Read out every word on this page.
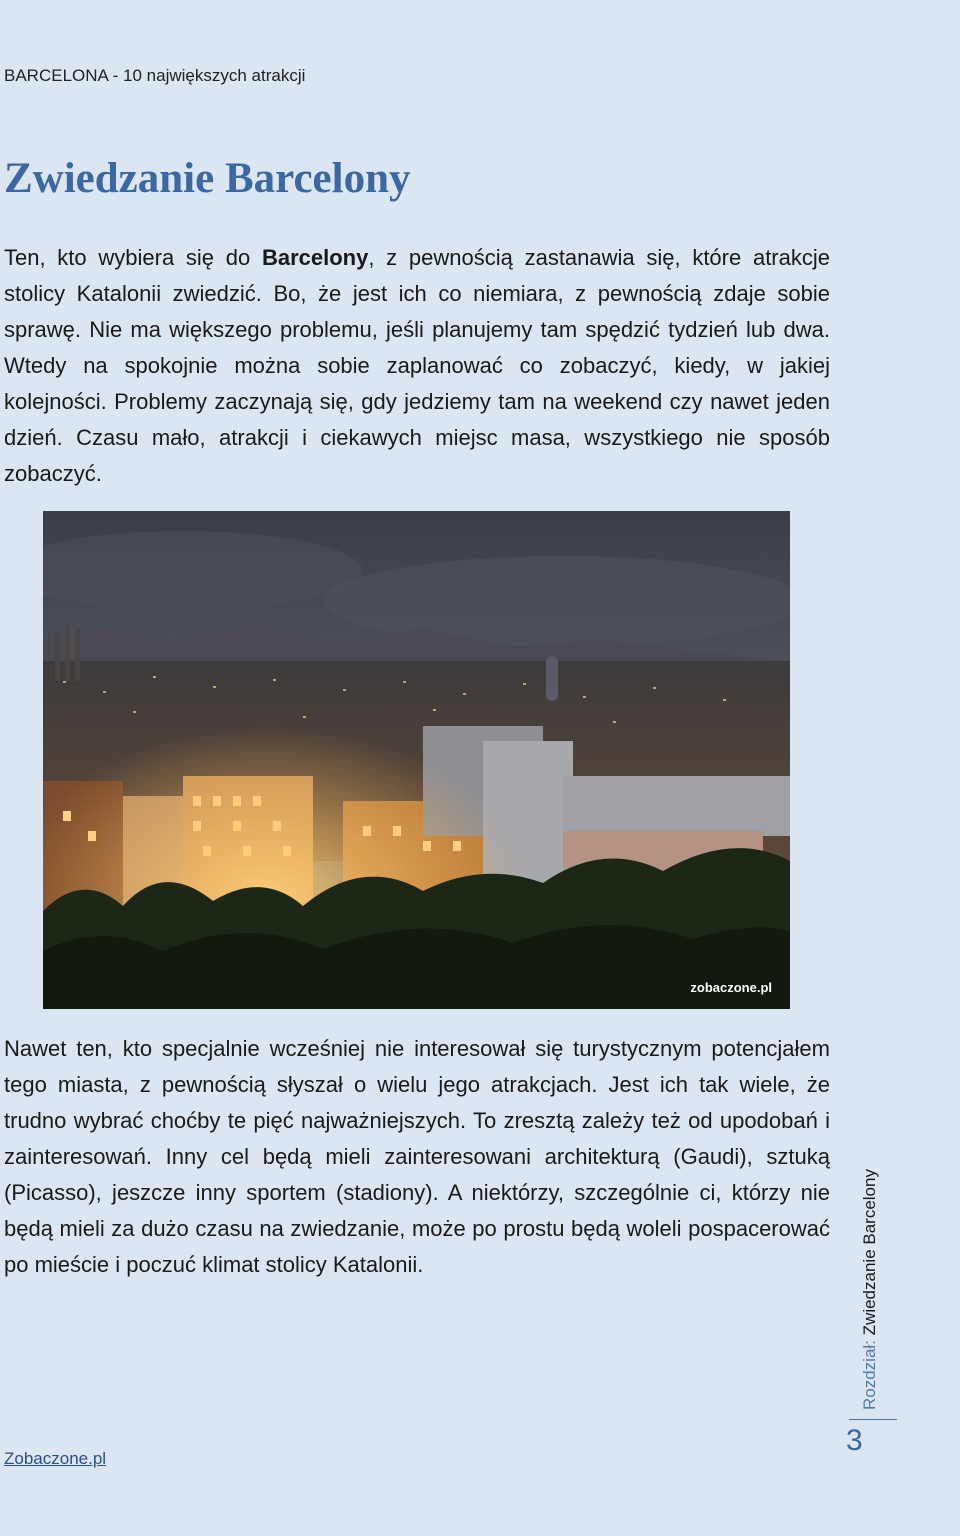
BARCELONA - 10 największych atrakcji
Zwiedzanie Barcelony

Ten, kto wybiera się do Barcelony, z pewnością zastanawia się, które atrakcje stolicy Katalonii zwiedzić. Bo, że jest ich co niemiara, z pewnością zdaje sobie sprawę. Nie ma większego problemu, jeśli planujemy tam spędzić tydzień lub dwa. Wtedy na spokojnie można sobie zaplanować co zobaczyć, kiedy, w jakiej kolejności. Problemy zaczynają się, gdy jedziemy tam na weekend czy nawet jeden dzień. Czasu mało, atrakcji i ciekawych miejsc masa, wszystkiego nie sposób zobaczyć.

zobaczone.pl

Nawet ten, kto specjalnie wcześniej nie interesował się turystycznym potencjałem tego miasta, z pewnością słyszał o wielu jego atrakcjach. Jest ich tak wiele, że trudno wybrać choćby te pięć najważniejszych. To zresztą zależy też od upodobań i zainteresowań. Inny cel będą mieli zainteresowani architekturą (Gaudi), sztuką (Picasso), jeszcze inny sportem (stadiony). A niektórzy, szczególnie ci, którzy nie będą mieli za dużo czasu na zwiedzanie, może po prostu będą woleli pospacerować po mieście i poczuć klimat stolicy Katalonii.

Zobaczone.pl
Rozdział: Zwiedzanie Barcelony
3
